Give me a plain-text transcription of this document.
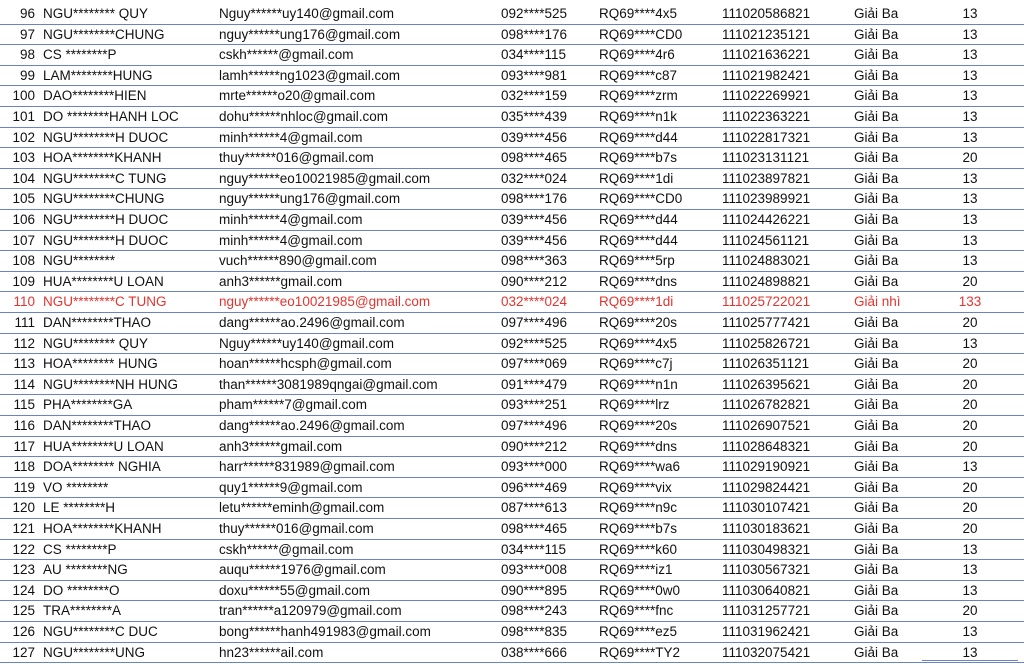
96 NGU******** QUY	Nguy******uy140@gmail.com	092****525 RQ69****4x5	111020586821	Giải Ba	13
97 NGU********CHUNG	nguy******ung176@gmail.com	098****176 RQ69****CD0	111021235121	Giải Ba	13
98 CS ********P	cskh******@gmail.com	034****115 RQ69****4r6	111021636221	Giải Ba	13
99 LAM********HUNG	lamh******ng1023@gmail.com	093****981 RQ69****c87	111021982421	Giải Ba	13
100 DAO********HIEN	mrte******o20@gmail.com	032****159 RQ69****zrm	111022269921	Giải Ba	13
101 DO ********HANH LOC	dohu******nhloc@gmail.com	035****439 RQ69****n1k	111022363221	Giải Ba	13
102 NGU********H DUOC	minh******4@gmail.com	039****456 RQ69****d44	111022817321	Giải Ba	13
103 HOA********KHANH	thuy******016@gmail.com	098****465 RQ69****b7s	111023131121	Giải Ba	20
104 NGU********C TUNG	nguy******eo10021985@gmail.com	032****024 RQ69****1di	111023897821	Giải Ba	13
105 NGU********CHUNG	nguy******ung176@gmail.com	098****176 RQ69****CD0	111023989921	Giải Ba	13
106 NGU********H DUOC	minh******4@gmail.com	039****456 RQ69****d44	111024426221	Giải Ba	13
107 NGU********H DUOC	minh******4@gmail.com	039****456 RQ69****d44	111024561121	Giải Ba	13
108 NGU********	vuch******890@gmail.com	098****363 RQ69****5rp	111024883021	Giải Ba	13
109 HUA********U LOAN	anh3******gmail.com	090****212 RQ69****dns	111024898821	Giải Ba	20
110 NGU********C TUNG	nguy******eo10021985@gmail.com	032****024 RQ69****1di	111025722021	Giải nhì	133
111 DAN********THAO	dang******ao.2496@gmail.com	097****496 RQ69****20s	111025777421	Giải Ba	20
112 NGU******** QUY	Nguy******uy140@gmail.com	092****525 RQ69****4x5	111025826721	Giải Ba	13
113 HOA******** HUNG	hoan******hcsph@gmail.com	097****069 RQ69****c7j	111026351121	Giải Ba	20
114 NGU********NH HUNG	than******3081989qngai@gmail.com	091****479 RQ69****n1n	111026395621	Giải Ba	20
115 PHA********GA	pham******7@gmail.com	093****251 RQ69****lrz	111026782821	Giải Ba	20
116 DAN********THAO	dang******ao.2496@gmail.com	097****496 RQ69****20s	111026907521	Giải Ba	20
117 HUA********U LOAN	anh3******gmail.com	090****212 RQ69****dns	111028648321	Giải Ba	20
118 DOA******** NGHIA	harr******831989@gmail.com	093****000 RQ69****wa6	111029190921	Giải Ba	13
119 VO ********	quy1******9@gmail.com	096****469 RQ69****vix	111029824421	Giải Ba	20
120 LE ********H	letu******eminh@gmail.com	087****613 RQ69****n9c	111030107421	Giải Ba	20
121 HOA********KHANH	thuy******016@gmail.com	098****465 RQ69****b7s	111030183621	Giải Ba	20
122 CS ********P	cskh******@gmail.com	034****115 RQ69****k60	111030498321	Giải Ba	13
123 AU ********NG	auqu******1976@gmail.com	093****008 RQ69****iz1	111030567321	Giải Ba	13
124 DO ********O	doxu******55@gmail.com	090****895 RQ69****0w0	111030640821	Giải Ba	13
125 TRA********A	tran******a120979@gmail.com	098****243 RQ69****fnc	111031257721	Giải Ba	20
126 NGU********C DUC	bong******hanh491983@gmail.com	098****835 RQ69****ez5	111031962421	Giải Ba	13
127 NGU********UNG	hn23******ail.com	038****666 RQ69****TY2	111032075421	Giải Ba	13
